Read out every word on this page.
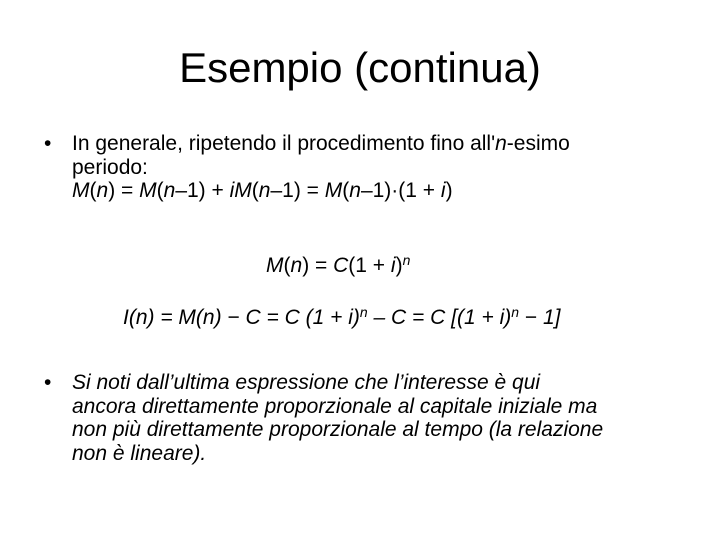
Esempio (continua)
• In generale, ripetendo il procedimento fino all'n-esimo
periodo:
M(n) = M(n–1) + iM(n–1) = M(n–1)·(1 + i)
$M(n) = C(1 + i)^n$
I(n) = M(n) − C = C $(1 + i)^n - C = C$ $[(1 + i)^n - 1]$
• Si noti dall’ultima espressione che l’interesse è qui
ancora direttamente proporzionale al capitale iniziale ma
non più direttamente proporzionale al tempo (la relazione
non è lineare).
